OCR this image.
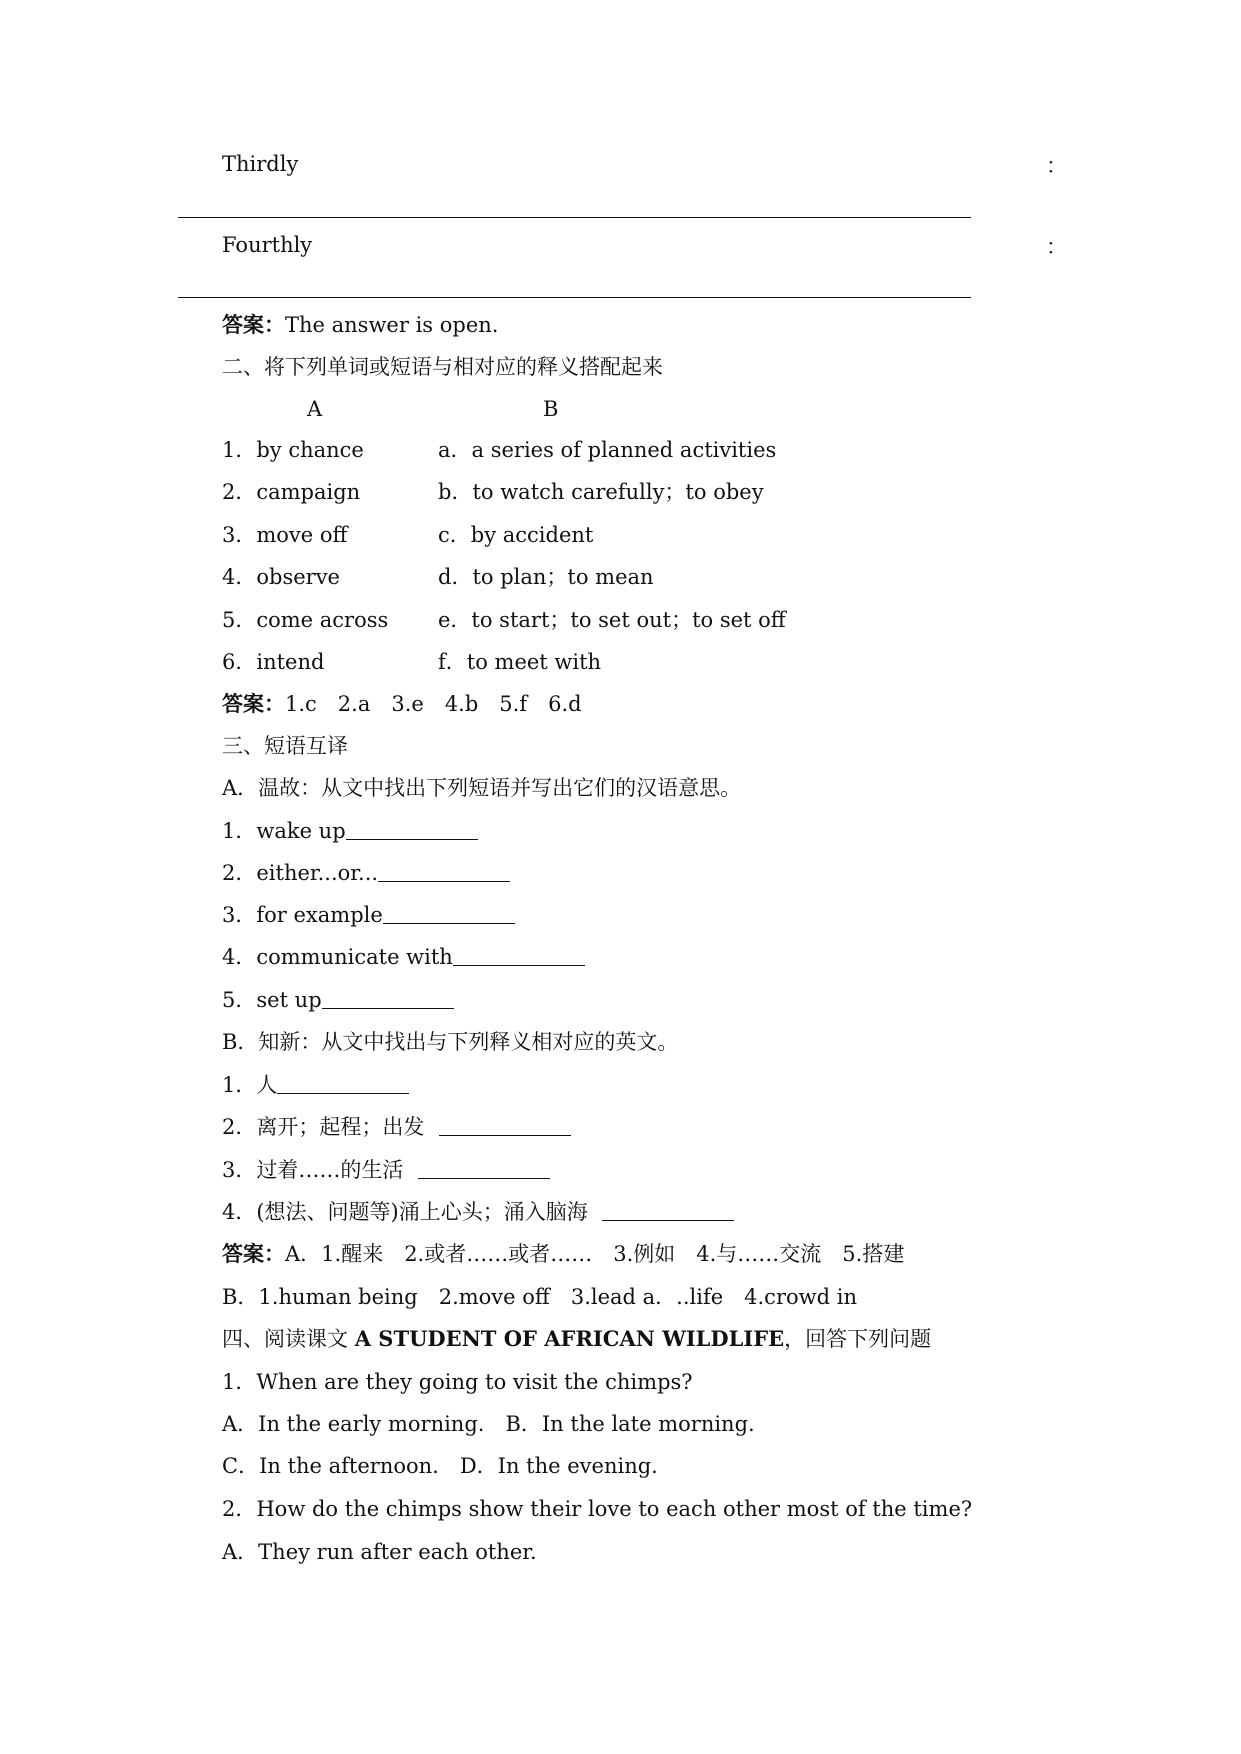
Thirdly	：
Fourthly	：
答案：The answer is open.
二、将下列单词或短语与相对应的释义搭配起来
A	B
1．by chance	a．a series of planned activities
2．campaign	b．to watch carefully；to obey
3．move off	c．by accident
4．observe	d．to plan；to mean
5．come across e．to start；to set out；to set off
6．intend	f．to meet with
答案：1.c　2.a　3.e　4.b　5.f　6.d
三、短语互译
A．温故：从文中找出下列短语并写出它们的汉语意思。
1．wake up
2．either...or...
3．for example
4．communicate with
5．set up
B．知新：从文中找出与下列释义相对应的英文。
1．人
2．离开；起程；出发
3．过着……的生活
4．(想法、问题等)涌上心头；涌入脑海
答案：A．1.醒来　2.或者……或者……　3.例如　4.与……交流　5.搭建
B．1.human being　2.move off　3.lead a．..life　4.crowd in
四、阅读课文 A STUDENT OF AFRICAN WILDLIFE，回答下列问题
1．When are they going to visit the chimps?
A．In the early morning.　B．In the late morning.
C．In the afternoon.　D．In the evening.
2．How do the chimps show their love to each other most of the time?
A．They run after each other.
